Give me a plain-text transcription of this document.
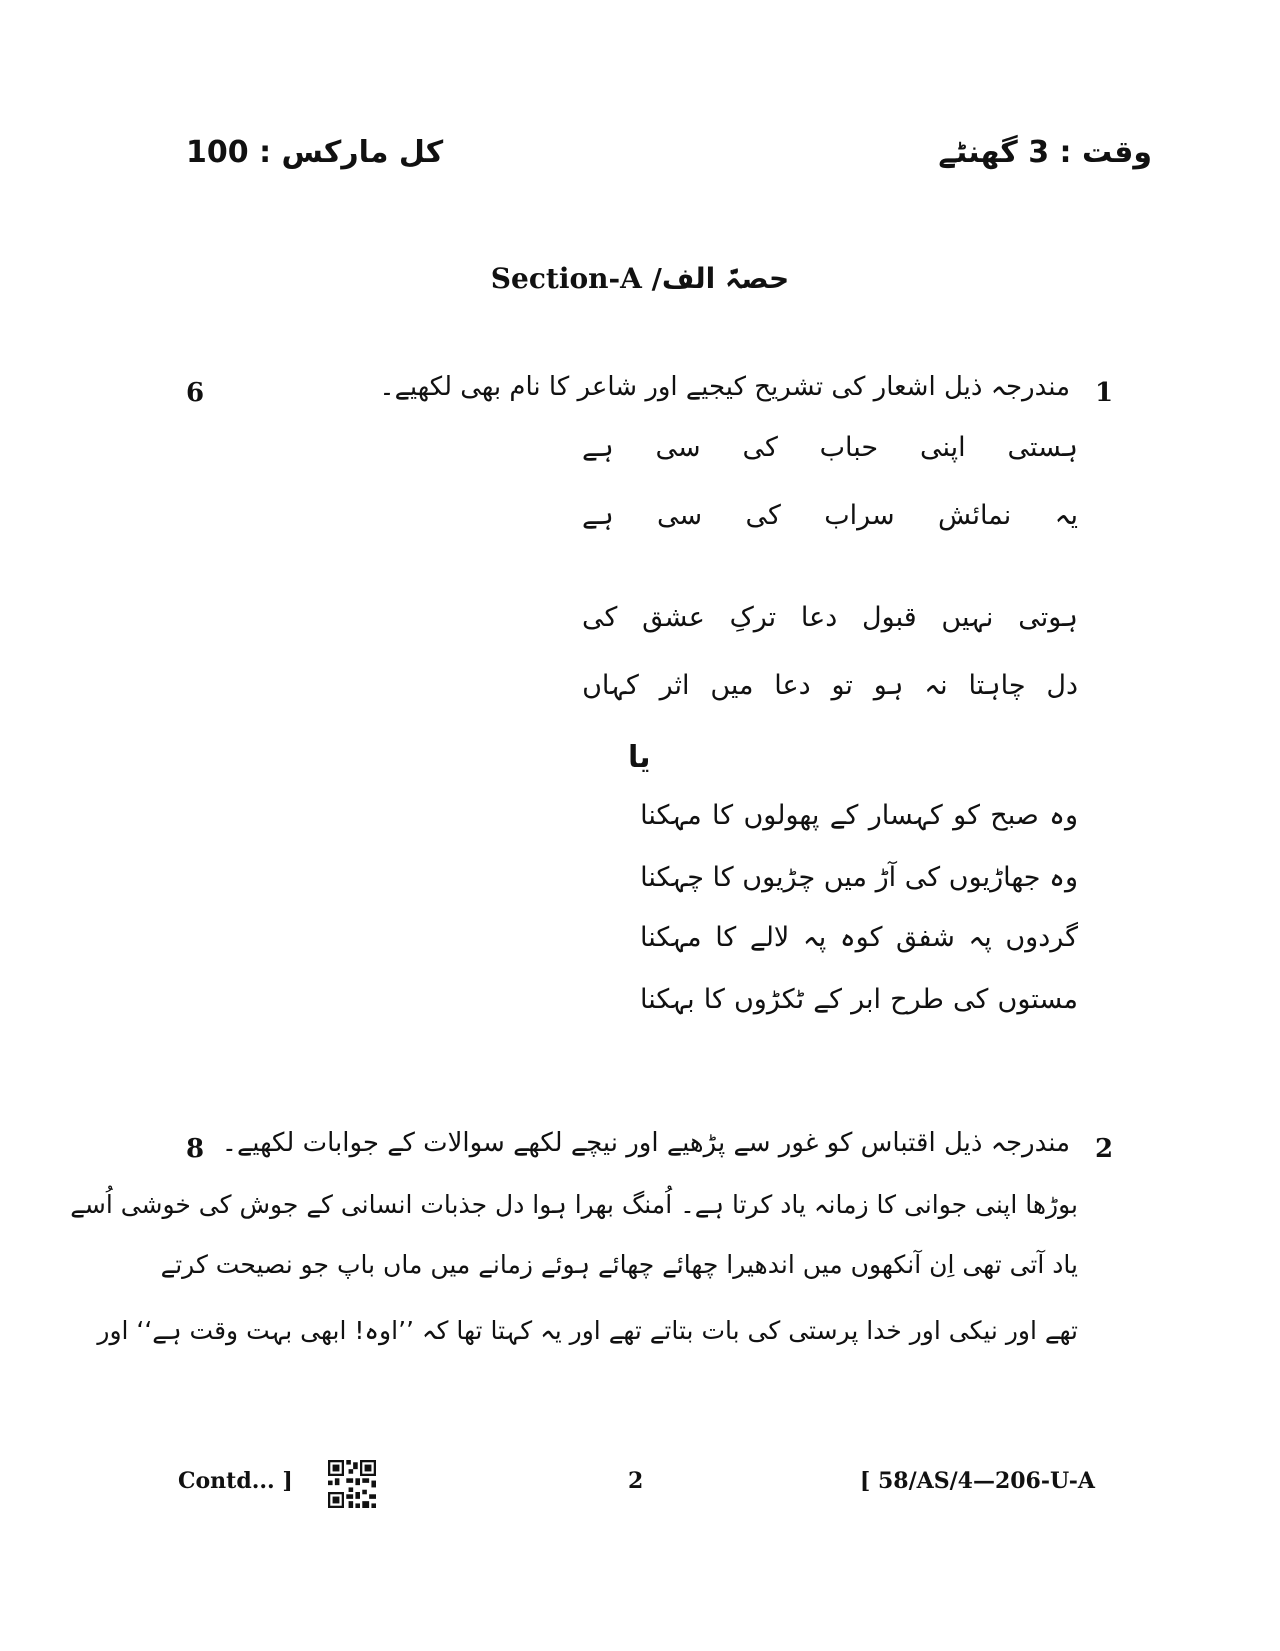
وقت : 3 گھنٹے
کل مارکس : 100
Section-A حصہّ الف/
1
6	مندرجہ ذیل اشعار کی تشریح کیجیے اور شاعر کا نام بھی لکھیے۔
ہستی
اپنی
حباب
کی
سی
ہے
یہ
نمائش
سراب
کی
سی
ہے
ہوتی
نہیں
قبول
دعا
ترکِ
عشق
کی
دل
چاہتا
نہ
ہو
تو
دعا
میں
اثر
کہاں
وہ
صبح
کو
کہسار
کے
پھولوں
کا
مہکنا
وہ
جھاڑیوں
کی
آڑ
میں
چڑیوں
کا
چہکنا
گردوں
پہ
شفق
کوہ
پہ
لالے
کا
مہکنا
مستوں
کی
طرح
ابر
کے
ٹکڑوں
کا
بہکنا
یا
2
8 مندرجہ ذیل اقتباس کو غور سے پڑھیے اور نیچے لکھے سوالات کے جوابات لکھیے۔
بوڑھا اپنی جوانی کا زمانہ یاد کرتا ہے۔ اُمنگ بھرا ہوا دل جذبات انسانی کے جوش کی خوشی اُسے
یاد آتی تھی اِن آنکھوں میں اندھیرا چھائے چھائے ہوئے زمانے میں ماں باپ جو نصیحت کرتے
تھے اور نیکی اور خدا پرستی کی بات بتاتے تھے اور یہ کہتا تھا کہ ’’اوہ! ابھی بہت وقت ہے‘‘ اور
Contd... ]	2	[ 58/AS/4—206-U-A
